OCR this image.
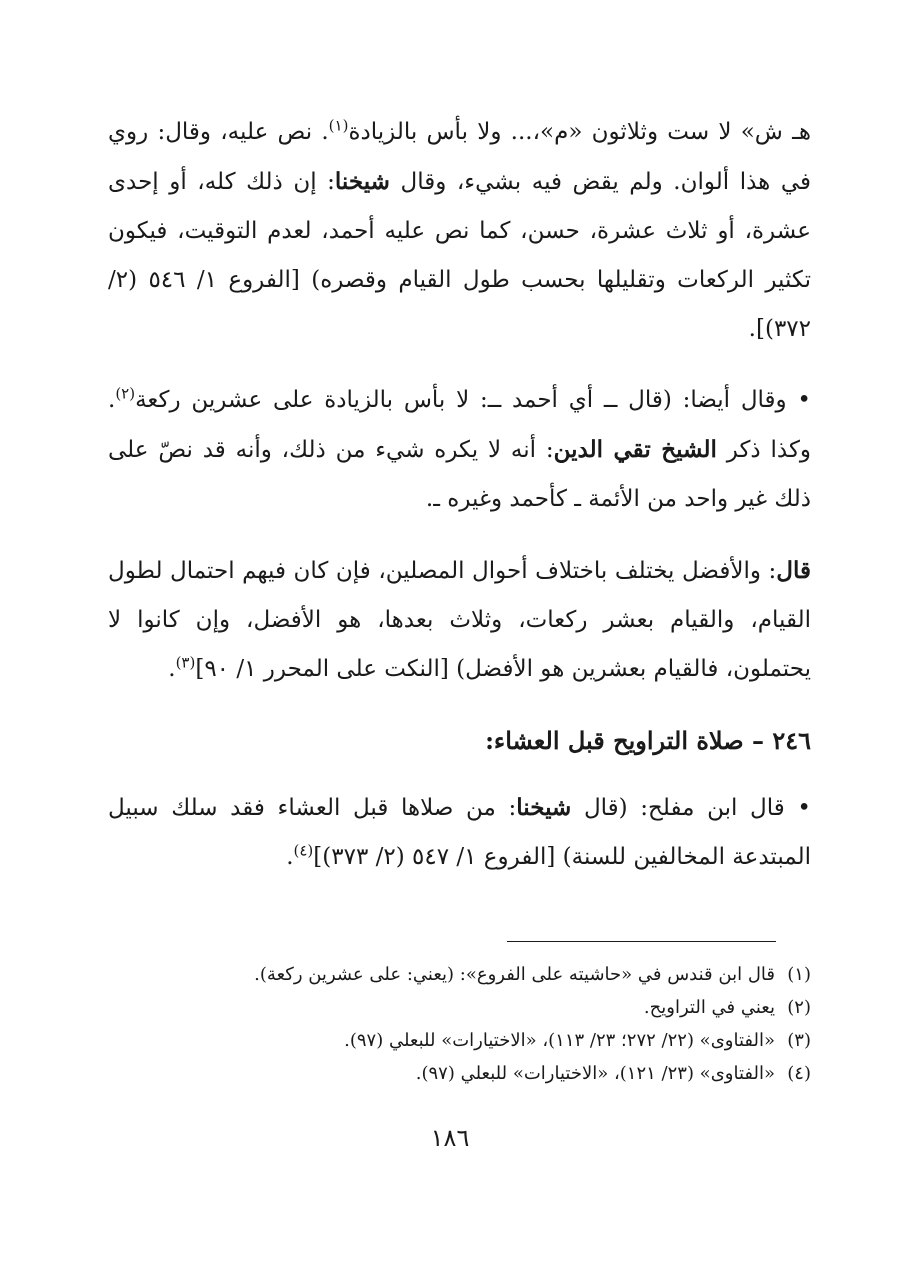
هـ ش» لا ست وثلاثون «م»،... ولا بأس بالزيادة$^{(١)}$. نص عليه، وقال: روي في هذا ألوان. ولم يقض فيه بشيء، وقال شيخنا: إن ذلك كله، أو إحدى عشرة، أو ثلاث عشرة، حسن، كما نص عليه أحمد، لعدم التوقيت، فيكون تكثير الركعات وتقليلها بحسب طول القيام وقصره) [الفروع ١/ ٥٤٦ (٢/ ٣٧٢)].

• وقال أيضا: (قال ــ أي أحمد ــ: لا بأس بالزيادة على عشرين ركعة$^{(٢)}$. وكذا ذكر الشيخ تقي الدين: أنه لا يكره شيء من ذلك، وأنه قد نصّ على ذلك غير واحد من الأئمة ـ كأحمد وغيره ـ.

قال: والأفضل يختلف باختلاف أحوال المصلين، فإن كان فيهم احتمال لطول القيام، والقيام بعشر ركعات، وثلاث بعدها، هو الأفضل، وإن كانوا لا يحتملون، فالقيام بعشرين هو الأفضل) [النكت على المحرر ١/ ٩٠]$^{(٣)}$.

٢٤٦ – صلاة التراويح قبل العشاء:

• قال ابن مفلح: (قال شيخنا: من صلاها قبل العشاء فقد سلك سبيل المبتدعة المخالفين للسنة) [الفروع ١/ ٥٤٧ (٢/ ٣٧٣)]$^{(٤)}$.

(١)
قال ابن قندس في «حاشيته على الفروع»: (يعني: على عشرين ركعة).
(٢)
يعني في التراويح.
(٣)
«الفتاوى» (٢٢/ ٢٧٢؛ ٢٣/ ١١٣)، «الاختيارات» للبعلي (٩٧).
(٤)
«الفتاوى» (٢٣/ ١٢١)، «الاختيارات» للبعلي (٩٧).
١٨٦
